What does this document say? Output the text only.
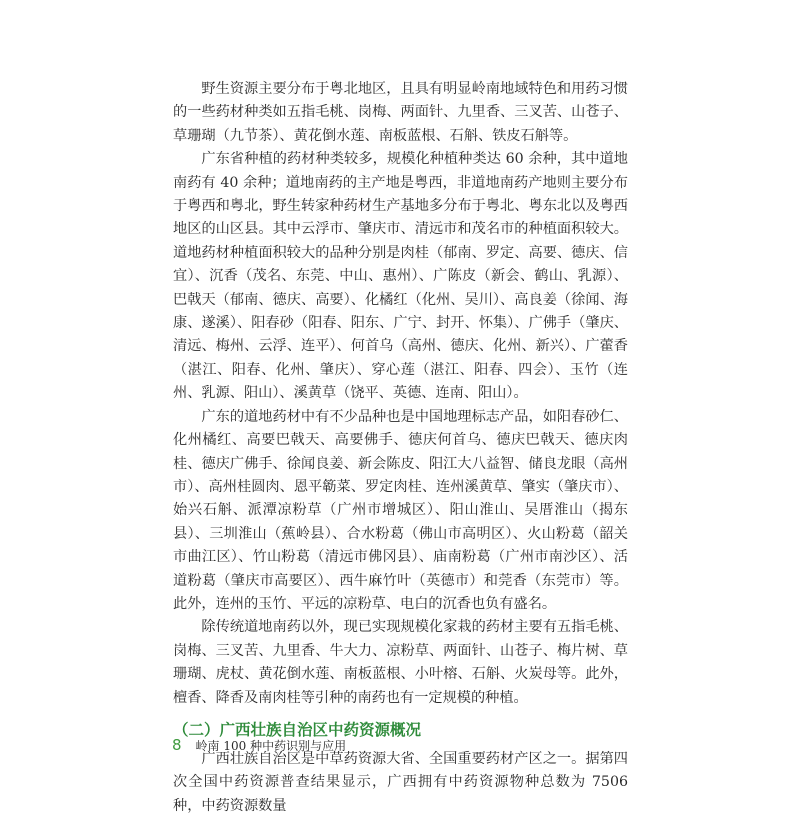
野生资源主要分布于粤北地区，且具有明显岭南地域特色和用药习惯的一些药材种类如五指毛桃、岗梅、两面针、九里香、三叉苦、山苍子、草珊瑚（九节茶）、黄花倒水莲、南板蓝根、石斛、铁皮石斛等。

广东省种植的药材种类较多，规模化种植种类达 60 余种，其中道地南药有 40 余种；道地南药的主产地是粤西，非道地南药产地则主要分布于粤西和粤北，野生转家种药材生产基地多分布于粤北、粤东北以及粤西地区的山区县。其中云浮市、肇庆市、清远市和茂名市的种植面积较大。道地药材种植面积较大的品种分别是肉桂（郁南、罗定、高要、德庆、信宜）、沉香（茂名、东莞、中山、惠州）、广陈皮（新会、鹤山、乳源）、巴戟天（郁南、德庆、高要）、化橘红（化州、吴川）、高良姜（徐闻、海康、遂溪）、阳春砂（阳春、阳东、广宁、封开、怀集）、广佛手（肇庆、清远、梅州、云浮、连平）、何首乌（高州、德庆、化州、新兴）、广藿香（湛江、阳春、化州、肇庆）、穿心莲（湛江、阳春、四会）、玉竹（连州、乳源、阳山）、溪黄草（饶平、英德、连南、阳山）。

广东的道地药材中有不少品种也是中国地理标志产品，如阳春砂仁、化州橘红、高要巴戟天、高要佛手、德庆何首乌、德庆巴戟天、德庆肉桂、德庆广佛手、徐闻良姜、新会陈皮、阳江大八益智、储良龙眼（高州市）、高州桂圆肉、恩平簕菜、罗定肉桂、连州溪黄草、肇实（肇庆市）、始兴石斛、派潭凉粉草（广州市增城区）、阳山淮山、吴厝淮山（揭东县）、三圳淮山（蕉岭县）、合水粉葛（佛山市高明区）、火山粉葛（韶关市曲江区）、竹山粉葛（清远市佛冈县）、庙南粉葛（广州市南沙区）、活道粉葛（肇庆市高要区）、西牛麻竹叶（英德市）和莞香（东莞市）等。此外，连州的玉竹、平远的凉粉草、电白的沉香也负有盛名。

除传统道地南药以外，现已实现规模化家栽的药材主要有五指毛桃、岗梅、三叉苦、九里香、牛大力、凉粉草、两面针、山苍子、梅片树、草珊瑚、虎杖、黄花倒水莲、南板蓝根、小叶榕、石斛、火炭母等。此外，檀香、降香及南肉桂等引种的南药也有一定规模的种植。

（二）广西壮族自治区中药资源概况

广西壮族自治区是中草药资源大省、全国重要药材产区之一。据第四次全国中药资源普查结果显示，广西拥有中药资源物种总数为 7506 种，中药资源数量

8 岭南 100 种中药识别与应用
